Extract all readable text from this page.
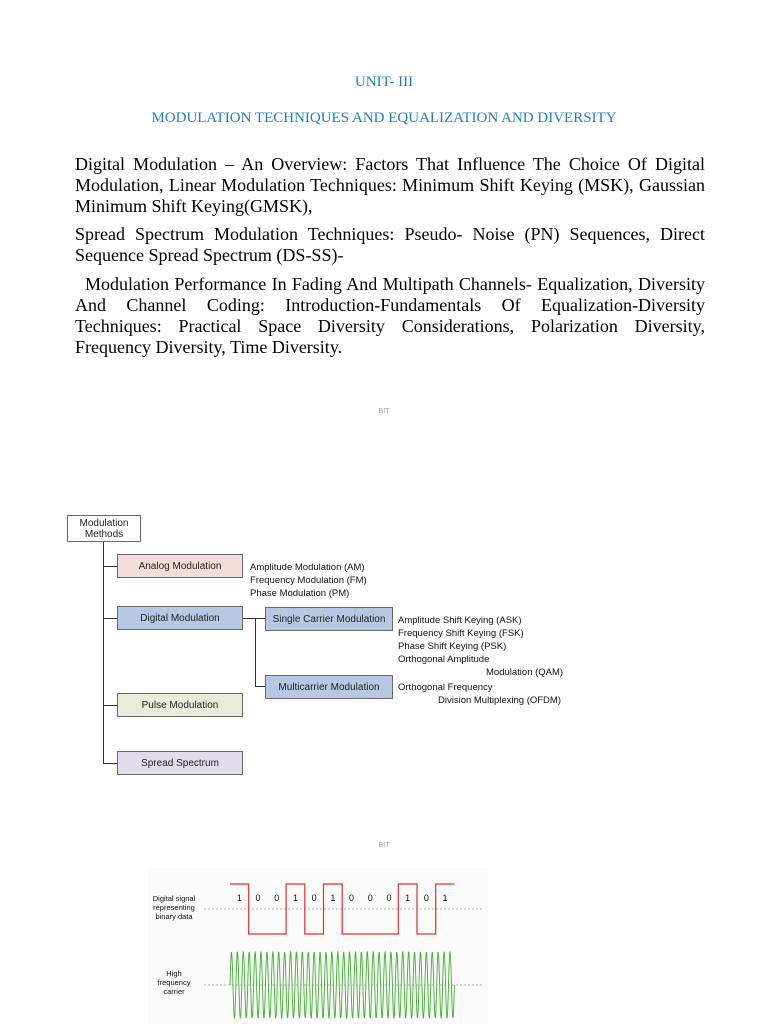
UNIT- III

MODULATION TECHNIQUES AND EQUALIZATION AND DIVERSITY

Digital Modulation – An Overview: Factors That Influence The Choice Of Digital Modulation, Linear Modulation Techniques: Minimum Shift Keying (MSK), Gaussian Minimum Shift Keying(GMSK),

Spread Spectrum Modulation Techniques: Pseudo- Noise (PN) Sequences, Direct Sequence Spread Spectrum (DS-SS)-

Modulation Performance In Fading And Multipath Channels- Equalization, Diversity And Channel Coding: Introduction-Fundamentals Of Equalization-Diversity Techniques: Practical Space Diversity Considerations, Polarization Diversity, Frequency Diversity, Time Diversity.

BIT

Modulation
Methods
Analog Modulation
Digital Modulation
Pulse Modulation
Spread Spectrum
Amplitude Modulation (AM)
Frequency Modulation (FM)
Phase Modulation (PM)
Single Carrier Modulation
Multicarrier Modulation
Amplitude Shift Keying (ASK)
Frequency Shift Keying (FSK)
Phase Shift Keying (PSK)
Orthogonal Amplitude
Modulation (QAM)
Orthogonal Frequency
Division Multiplexing (OFDM)

BIT

Digital signal
representing
binary data
High
frequency
carrier
1 0 0 1 0 1 0 0 0 1 0 1
